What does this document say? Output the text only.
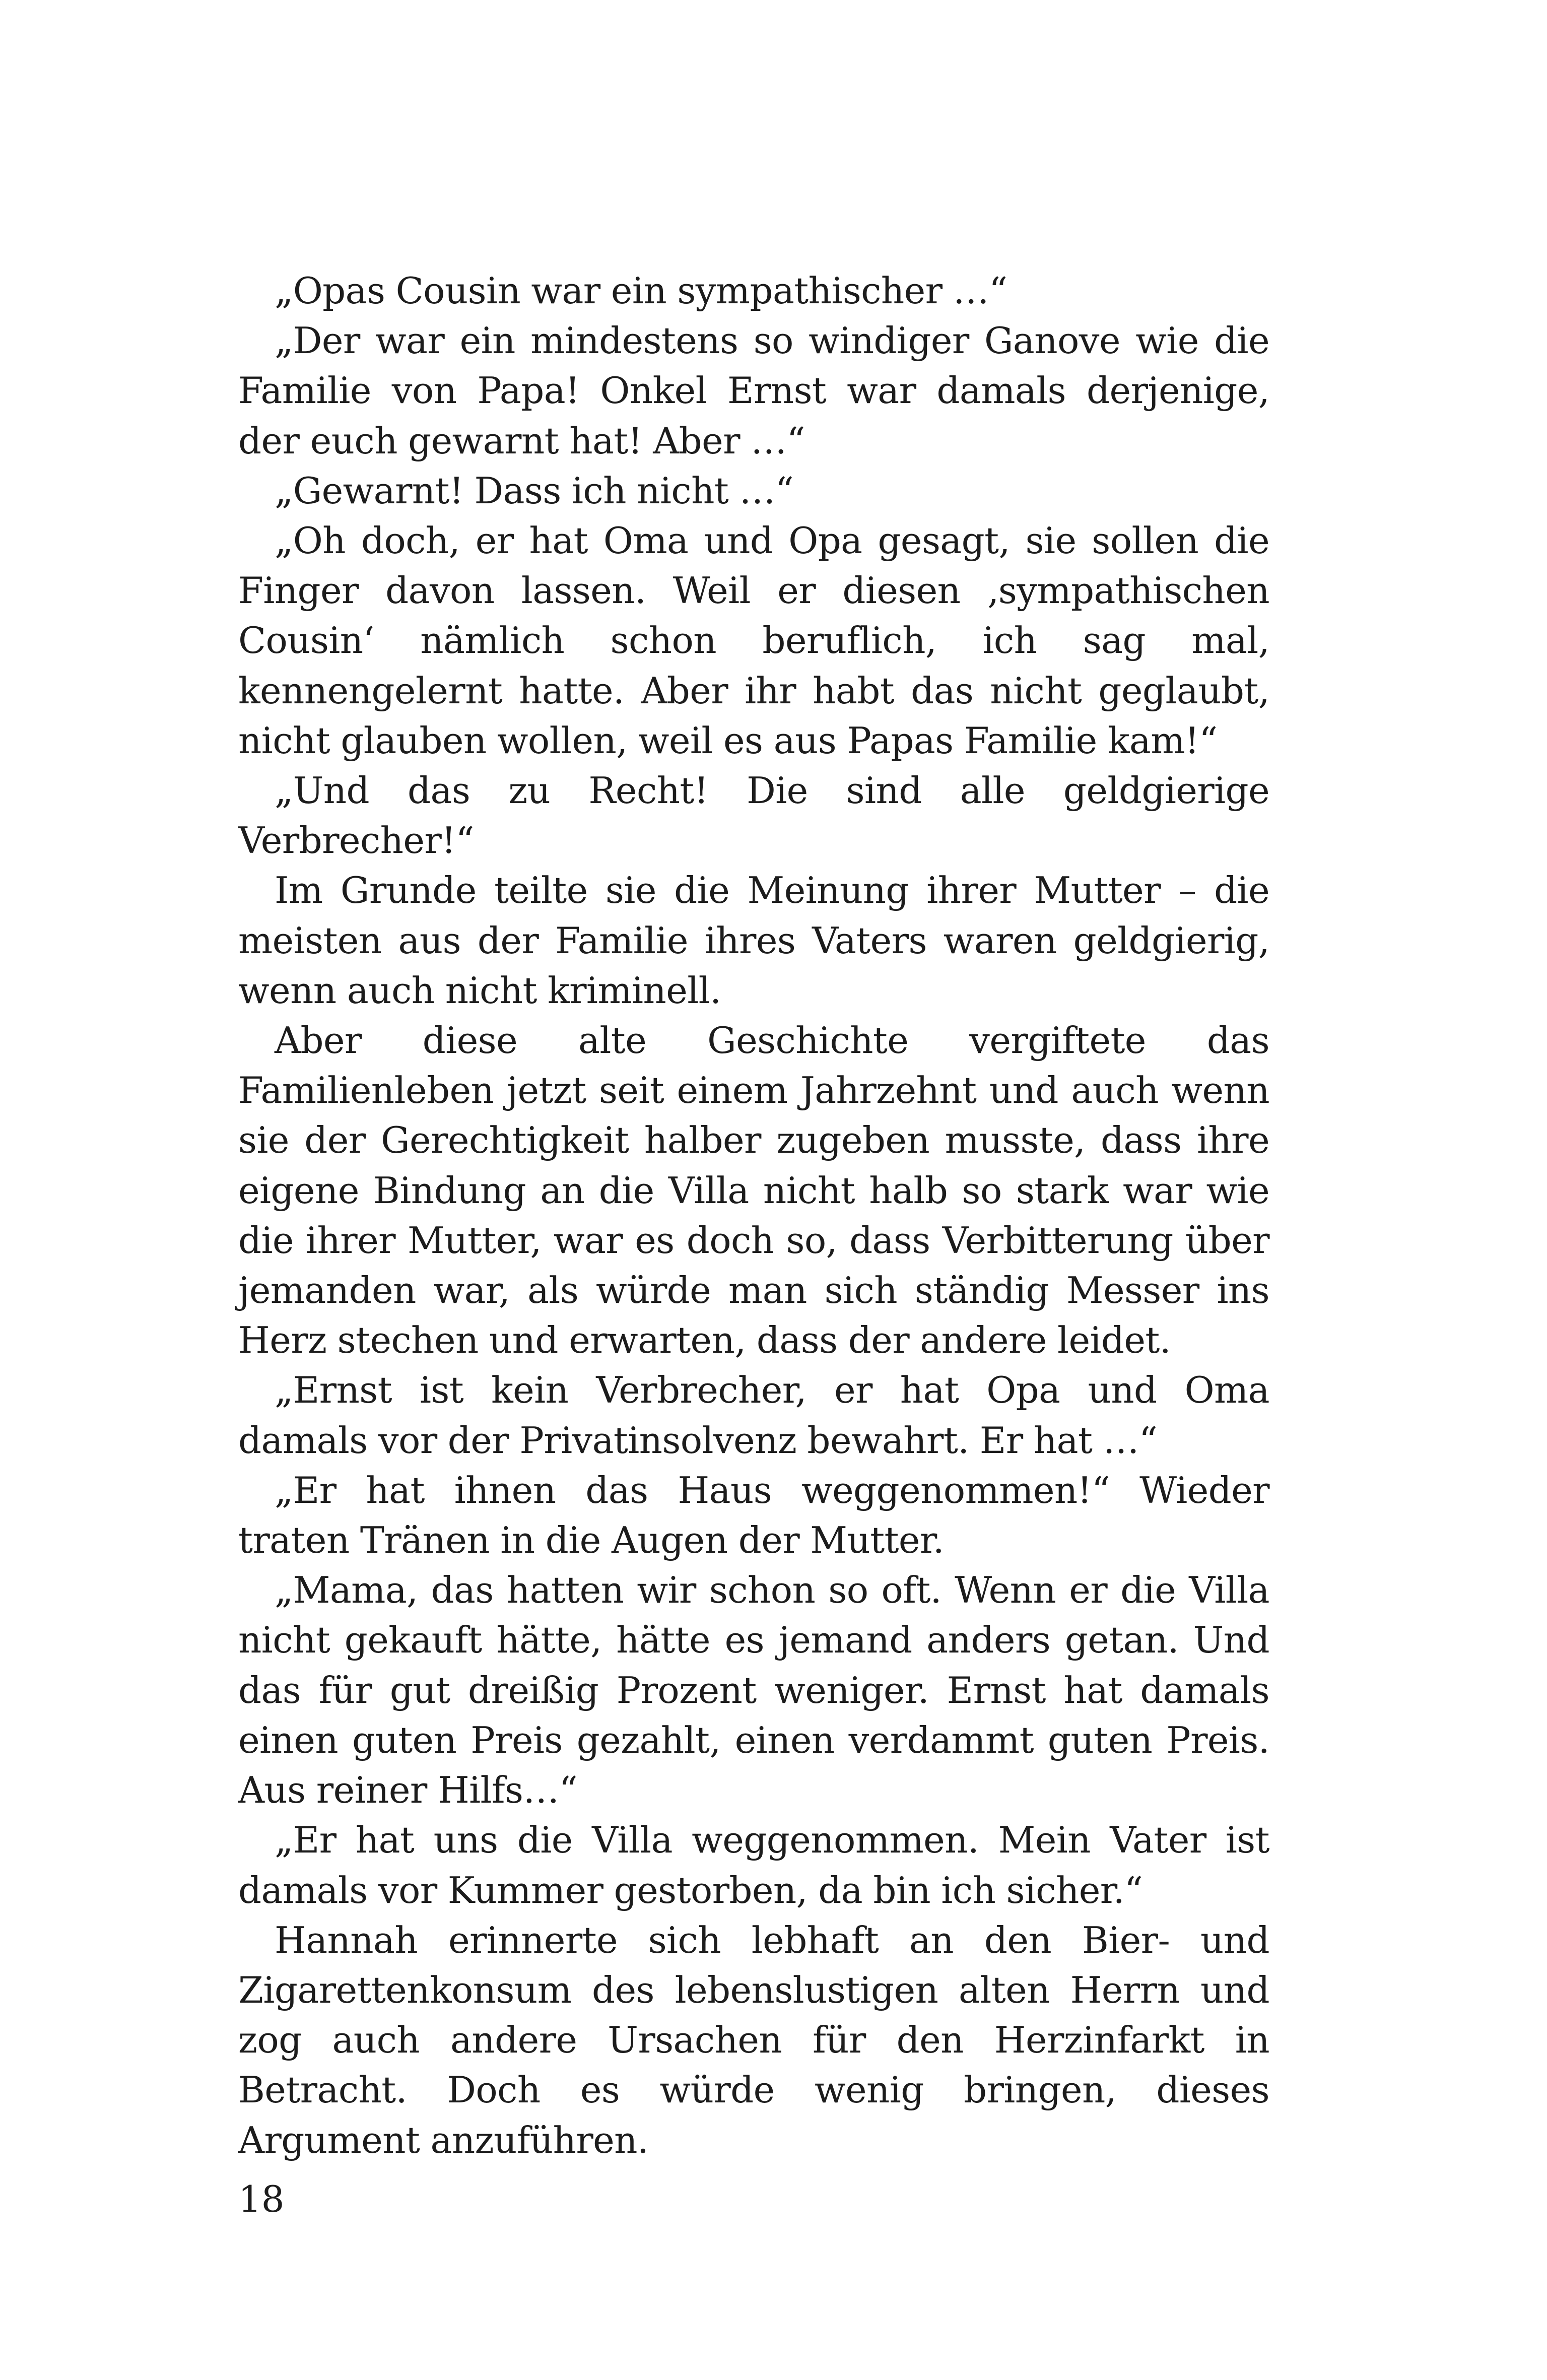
„Opas Cousin war ein sympathischer …“

„Der war ein mindestens so windiger Ganove wie die Familie von Papa! Onkel Ernst war damals derjenige, der euch gewarnt hat! Aber …“

„Gewarnt! Dass ich nicht …“

„Oh doch, er hat Oma und Opa gesagt, sie sollen die Finger davon lassen. Weil er diesen ‚sympathischen Cousin‘ nämlich schon beruflich, ich sag mal, kennengelernt hatte. Aber ihr habt das nicht geglaubt, nicht glauben wollen, weil es aus Papas Familie kam!“

„Und das zu Recht! Die sind alle geldgierige Verbrecher!“

Im Grunde teilte sie die Meinung ihrer Mutter – die meisten aus der Familie ihres Vaters waren geldgierig, wenn auch nicht kriminell.

Aber diese alte Geschichte vergiftete das Familienleben jetzt seit einem Jahrzehnt und auch wenn sie der Gerechtigkeit halber zugeben musste, dass ihre eigene Bindung an die Villa nicht halb so stark war wie die ihrer Mutter, war es doch so, dass Verbitterung über jemanden war, als würde man sich ständig Messer ins Herz stechen und erwarten, dass der andere leidet.

„Ernst ist kein Verbrecher, er hat Opa und Oma damals vor der Privatinsolvenz bewahrt. Er hat …“

„Er hat ihnen das Haus weggenommen!“ Wieder traten Tränen in die Augen der Mutter.

„Mama, das hatten wir schon so oft. Wenn er die Villa nicht gekauft hätte, hätte es jemand anders getan. Und das für gut dreißig Prozent weniger. Ernst hat damals einen guten Preis gezahlt, einen verdammt guten Preis. Aus reiner Hilfs…“

„Er hat uns die Villa weggenommen. Mein Vater ist damals vor Kummer gestorben, da bin ich sicher.“

Hannah erinnerte sich lebhaft an den Bier- und Zigarettenkonsum des lebenslustigen alten Herrn und zog auch andere Ursachen für den Herzinfarkt in Betracht. Doch es würde wenig bringen, dieses Argument anzuführen.

18
